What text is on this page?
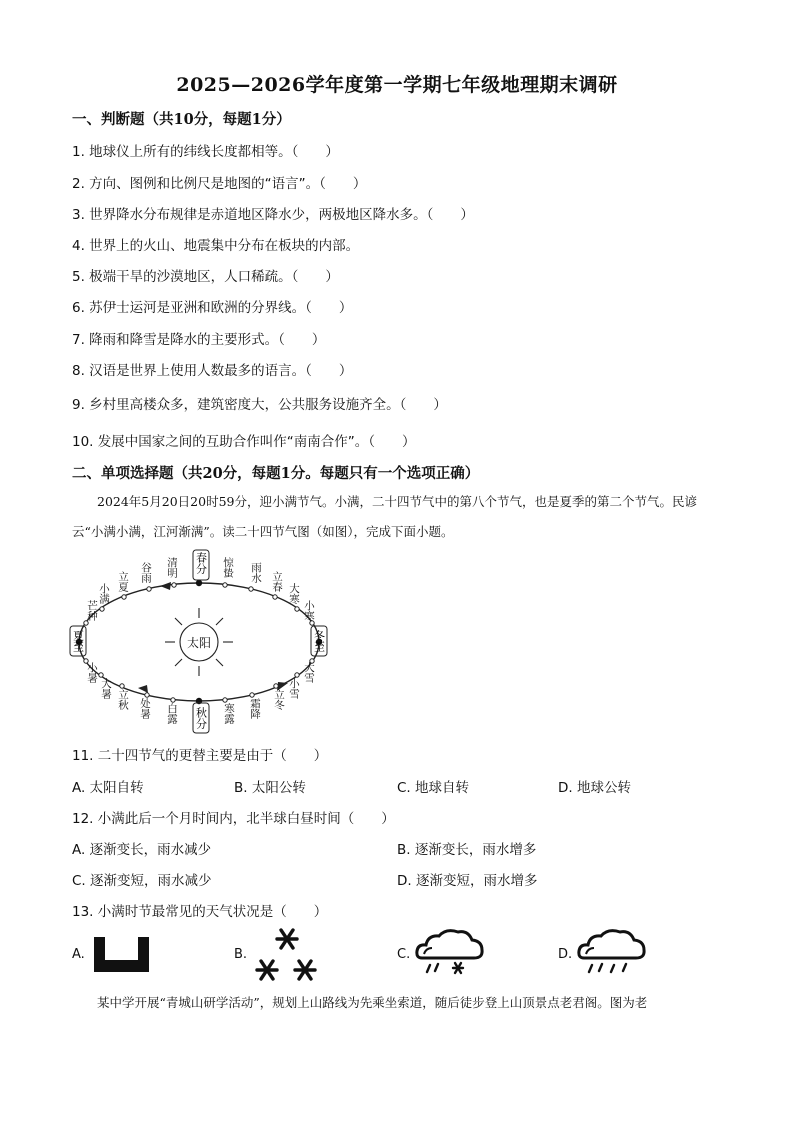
2025—2026学年度第一学期七年级地理期末调研
一、判断题（共10分，每题1分）
1. 地球仪上所有的纬线长度都相等。（　　）
2. 方向、图例和比例尺是地图的“语言”。（　　）
3. 世界降水分布规律是赤道地区降水少，两极地区降水多。（　　）
4. 世界上的火山、地震集中分布在板块的内部。
5. 极端干旱的沙漠地区，人口稀疏。（　　）
6. 苏伊士运河是亚洲和欧洲的分界线。（　　）
7. 降雨和降雪是降水的主要形式。（　　）
8. 汉语是世界上使用人数最多的语言。（　　）
9. 乡村里高楼众多，建筑密度大，公共服务设施齐全。（　　）
10. 发展中国家之间的互助合作叫作“南南合作”。（　　）
二、单项选择题（共20分，每题1分。每题只有一个选项正确）
2024年5月20日20时59分，迎小满节气。小满，二十四节气中的第八个节气，也是夏季的第二个节气。民谚云“小满小满，江河渐满”。读二十四节气图（如图），完成下面小题。
太阳
春分
秋分
夏至	冬至
清明
谷雨
立夏
小满
芒种
小暑
大暑
立秋 处暑 白露	寒露 霜降 立冬
小雪
大雪
小寒
大寒
立春
雨水
惊蛰
11. 二十四节气的更替主要是由于（　　）
A. 太阳自转	B. 太阳公转	C. 地球自转	D. 地球公转
12. 小满此后一个月时间内，北半球白昼时间（　　）
A. 逐渐变长，雨水减少	B. 逐渐变长，雨水增多
C. 逐渐变短，雨水减少	D. 逐渐变短，雨水增多
13. 小满时节最常见的天气状况是（　　）
A.	B.	C.	D.
某中学开展“青城山研学活动”，规划上山路线为先乘坐索道，随后徒步登上山顶景点老君阁。图为老
